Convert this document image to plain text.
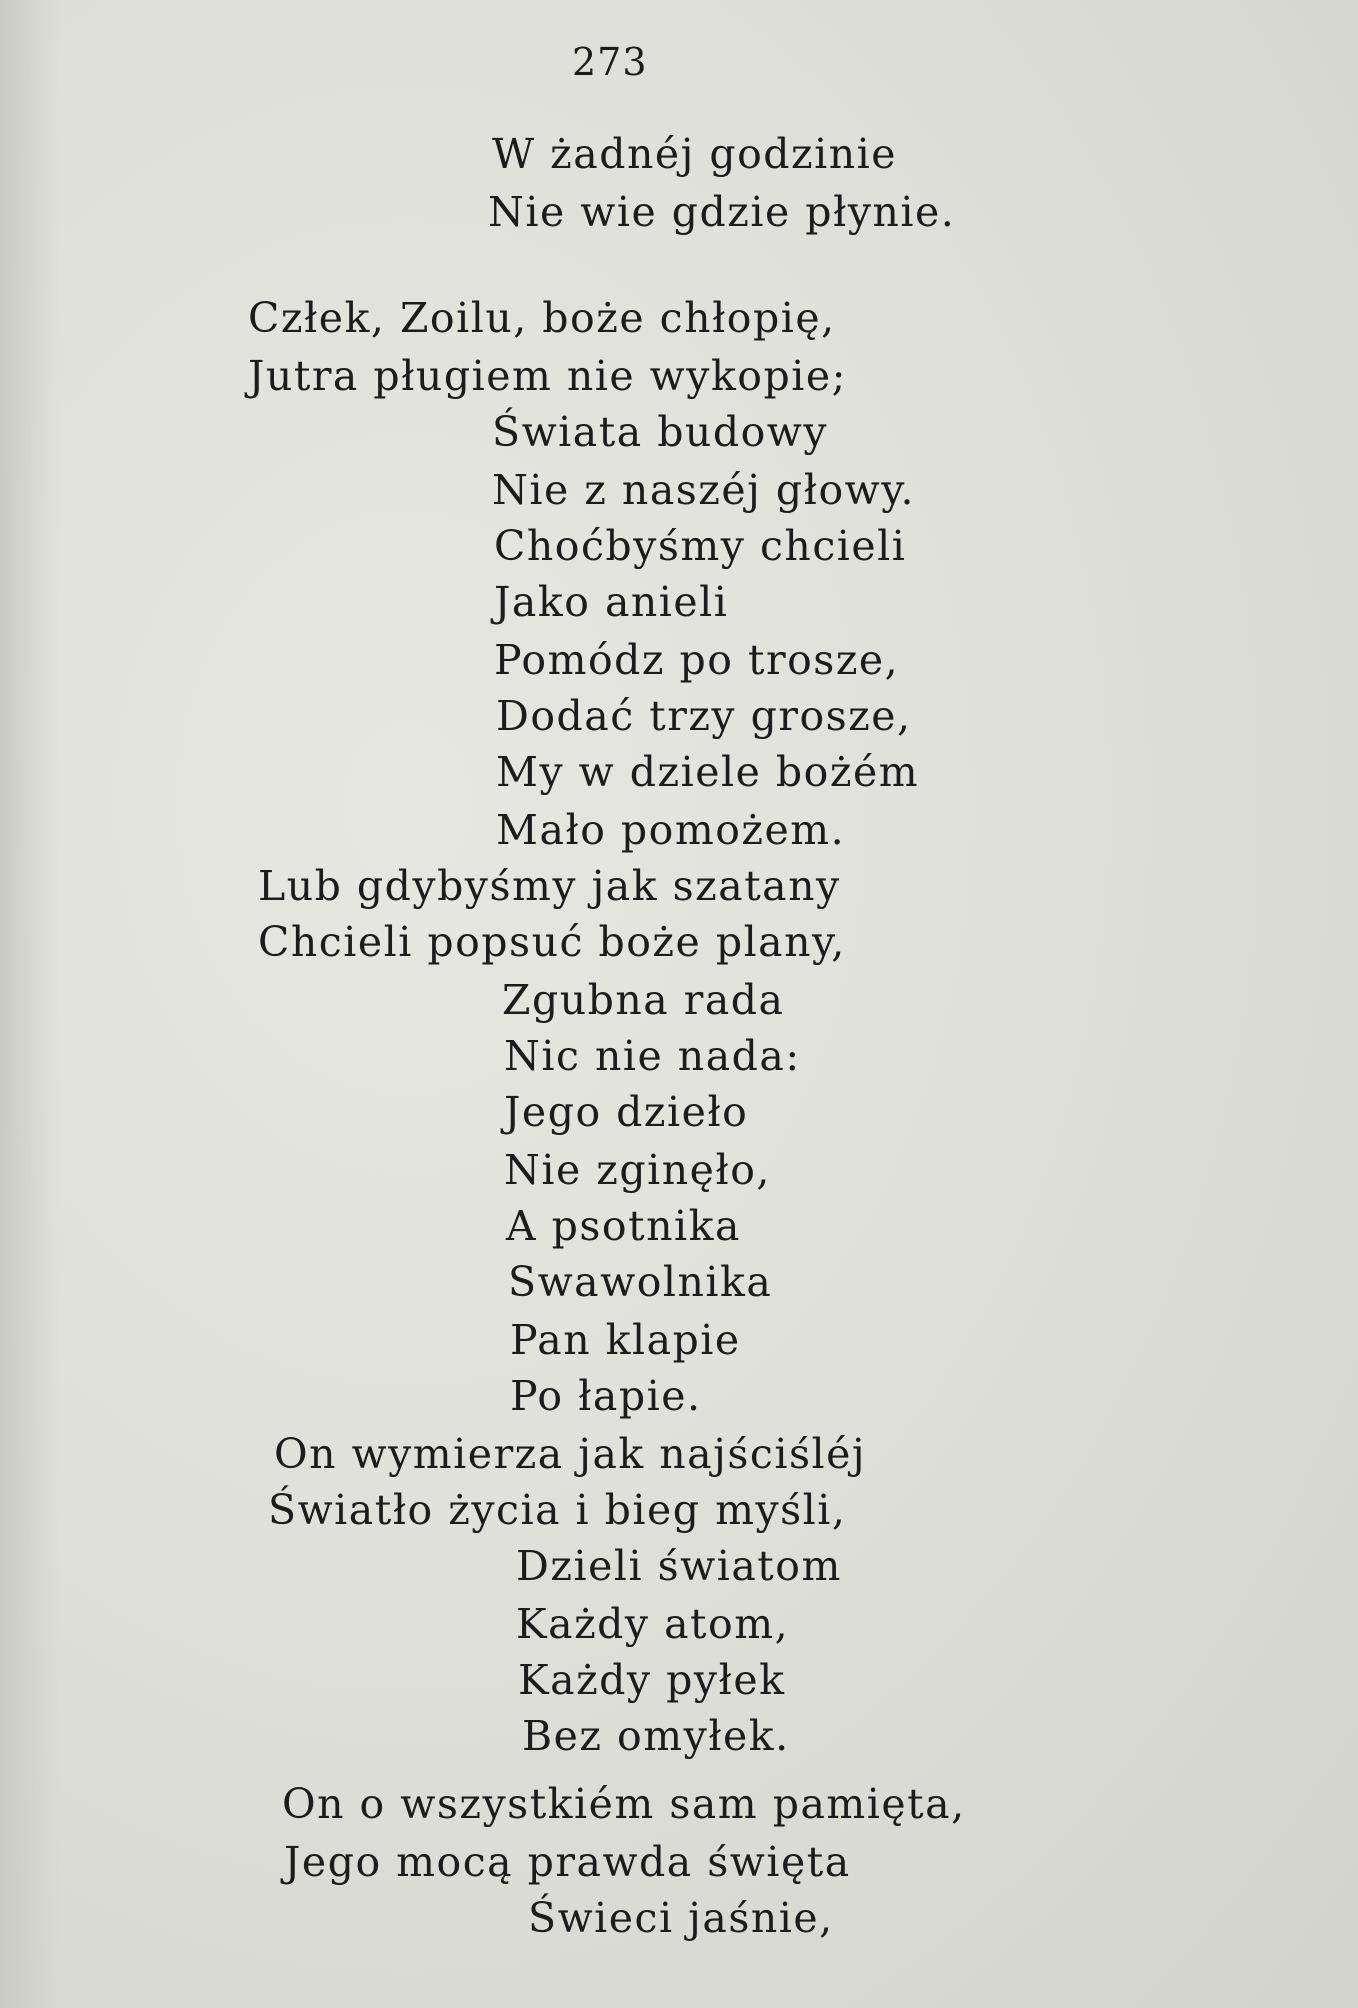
273
W żadnéj godzinie
Nie wie gdzie płynie.
Człek, Zoilu, boże chłopię,
Jutra pługiem nie wykopie;
Świata budowy
Nie z naszéj głowy.
Choćbyśmy chcieli
Jako anieli
Pomódz po trosze,
Dodać trzy grosze,
My w dziele bożém
Mało pomożem.
Lub gdybyśmy jak szatany
Chcieli popsuć boże plany,
Zgubna rada
Nic nie nada:
Jego dzieło
Nie zginęło,
A psotnika
Swawolnika
Pan klapie
Po łapie.
On wymierza jak najściśléj
Światło życia i bieg myśli,
Dzieli światom
Każdy atom,
Każdy pyłek
Bez omyłek.
On o wszystkiém sam pamięta,
Jego mocą prawda święta
Świeci jaśnie,
